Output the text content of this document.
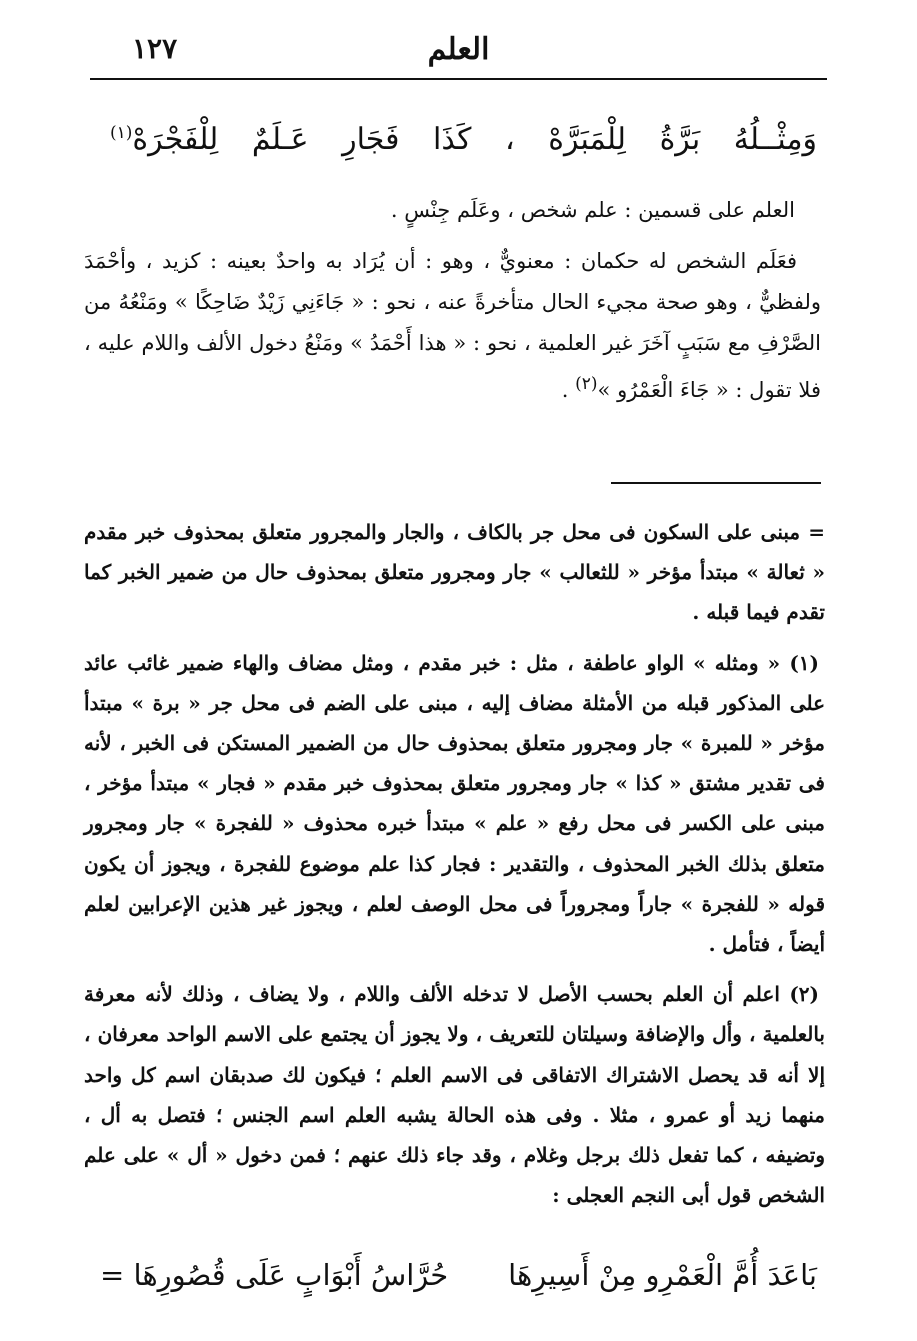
١٢٧	العلم
وَمِثْــلُهُ بَرَّةُ لِلْمَبَرَّهْ ، كَذَا فَجَارِ عَـلَمٌ لِلْفَجْرَهْ$^{(١)}$

العلم على قسمين : علم شخص ، وعَلَم جِنْسٍ .

فعَلَم الشخص له حكمان : معنويٌّ ، وهو : أن يُرَاد به واحدٌ بعينه : كزيد ، وأحْمَدَ ولفظيٌّ ، وهو صحة مجيء الحال متأخرةً عنه ، نحو : « جَاءَنِي زَيْدٌ ضَاحِكًا » ومَنْعُهُ من الصَّرْفِ مع سَبَبٍ آخَرَ غير العلمية ، نحو : « هذا أَحْمَدُ » ومَنْعُ دخول الألف واللام عليه ، فلا تقول : « جَاءَ الْعَمْرُو »$^{(٢)}$ .

= مبنى على السكون فى محل جر بالكاف ، والجار والمجرور متعلق بمحذوف خبر مقدم « ثعالة » مبتدأ مؤخر « للثعالب » جار ومجرور متعلق بمحذوف حال من ضمير الخبر كما تقدم فيما قبله .

(١) « ومثله » الواو عاطفة ، مثل : خبر مقدم ، ومثل مضاف والهاء ضمير غائب عائد على المذكور قبله من الأمثلة مضاف إليه ، مبنى على الضم فى محل جر « برة » مبتدأ مؤخر « للمبرة » جار ومجرور متعلق بمحذوف حال من الضمير المستكن فى الخبر ، لأنه فى تقدير مشتق « كذا » جار ومجرور متعلق بمحذوف خبر مقدم « فجار » مبتدأ مؤخر ، مبنى على الكسر فى محل رفع « علم » مبتدأ خبره محذوف « للفجرة » جار ومجرور متعلق بذلك الخبر المحذوف ، والتقدير : فجار كذا علم موضوع للفجرة ، ويجوز أن يكون قوله « للفجرة » جاراً ومجروراً فى محل الوصف لعلم ، ويجوز غير هذين الإعرابين لعلم أيضاً ، فتأمل .

(٢) اعلم أن العلم بحسب الأصل لا تدخله الألف واللام ، ولا يضاف ، وذلك لأنه معرفة بالعلمية ، وأل والإضافة وسيلتان للتعريف ، ولا يجوز أن يجتمع على الاسم الواحد معرفان ، إلا أنه قد يحصل الاشتراك الاتفاقى فى الاسم العلم ؛ فيكون لك صدبقان اسم كل واحد منهما زيد أو عمرو ، مثلا . وفى هذه الحالة يشبه العلم اسم الجنس ؛ فتصل به أل ، وتضيفه ، كما تفعل ذلك برجل وغلام ، وقد جاء ذلك عنهم ؛ فمن دخول « أل » على علم الشخص قول أبى النجم العجلى :

بَاعَدَ أُمَّ الْعَمْرِو مِنْ أَسِيرِهَا
حُرَّاسُ أَبْوَابٍ عَلَى قُصُورِهَا =
